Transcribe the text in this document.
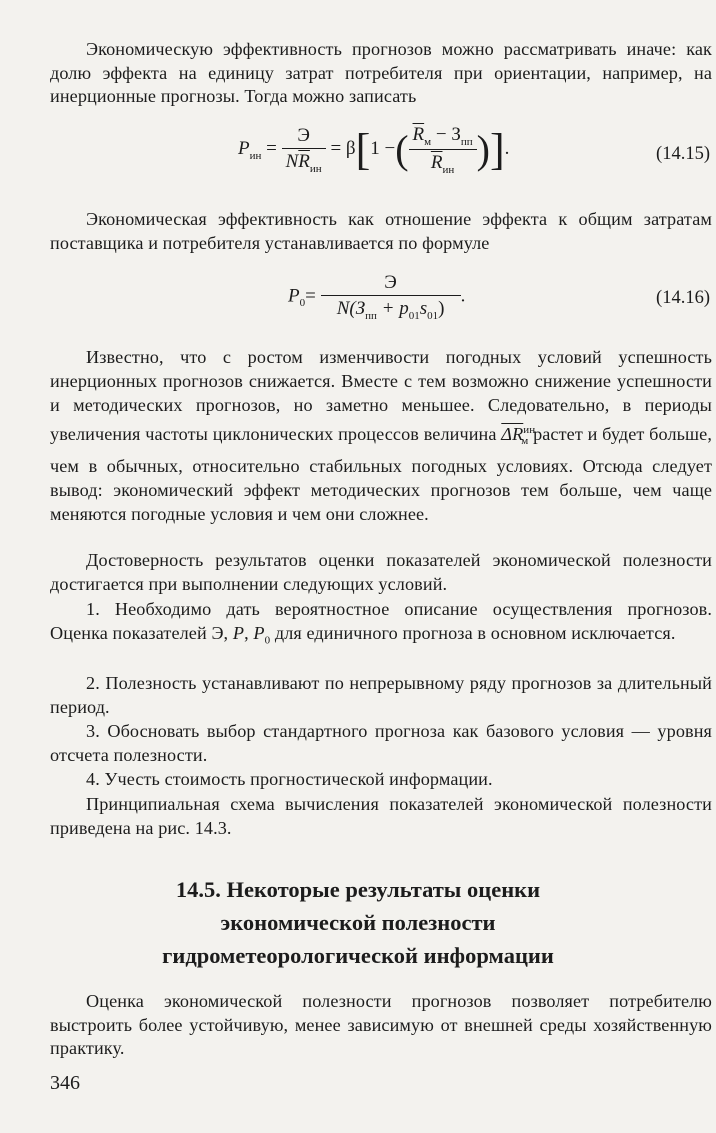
Экономическую эффективность прогнозов можно рассматривать иначе: как долю эффекта на единицу затрат потребителя при ориентации, например, на инерционные прогнозы. Тогда можно записать

$P_{ин} = \frac{Э}{N\overline{R}_{ин}} = \beta[1$ −( $\frac{\overline{R}_м - З_{пп}}{\overline{R}_{ин}}$ )].	(14.15)

Экономическая эффективность как отношение эффекта к общим затратам поставщика и потребителя устанавливается по формуле

$P_0= \frac{Э}{N(З_{пп} + p_{01}s_{01})}$ .	(14.16)

Известно, что с ростом изменчивости погодных условий успешность инерционных прогнозов снижается. Вместе с тем возможно снижение успешности и методических прогнозов, но заметно меньшее. Следовательно, в периоды увеличения частоты циклонических процессов величина $\overline{\Delta R}^{ин}_м$ растет и будет больше, чем в обычных, относительно стабильных погодных условиях. Отсюда следует вывод: экономический эффект методических прогнозов тем больше, чем чаще меняются погодные условия и чем они сложнее.

Достоверность результатов оценки показателей экономической полезности достигается при выполнении следующих условий.

1. Необходимо дать вероятностное описание осуществления прогнозов. Оценка показателей Э, P, $P_0$ для единичного прогноза в основном исключается.

2. Полезность устанавливают по непрерывному ряду прогнозов за длительный период.

3. Обосновать выбор стандартного прогноза как базового условия — уровня отсчета полезности.

4. Учесть стоимость прогностической информации.

Принципиальная схема вычисления показателей экономической полезности приведена на рис. 14.3.

14.5. Некоторые результаты оценки
экономической полезности
гидрометеорологической информации

Оценка экономической полезности прогнозов позволяет потребителю выстроить более устойчивую, менее зависимую от внешней среды хозяйственную практику.

346
